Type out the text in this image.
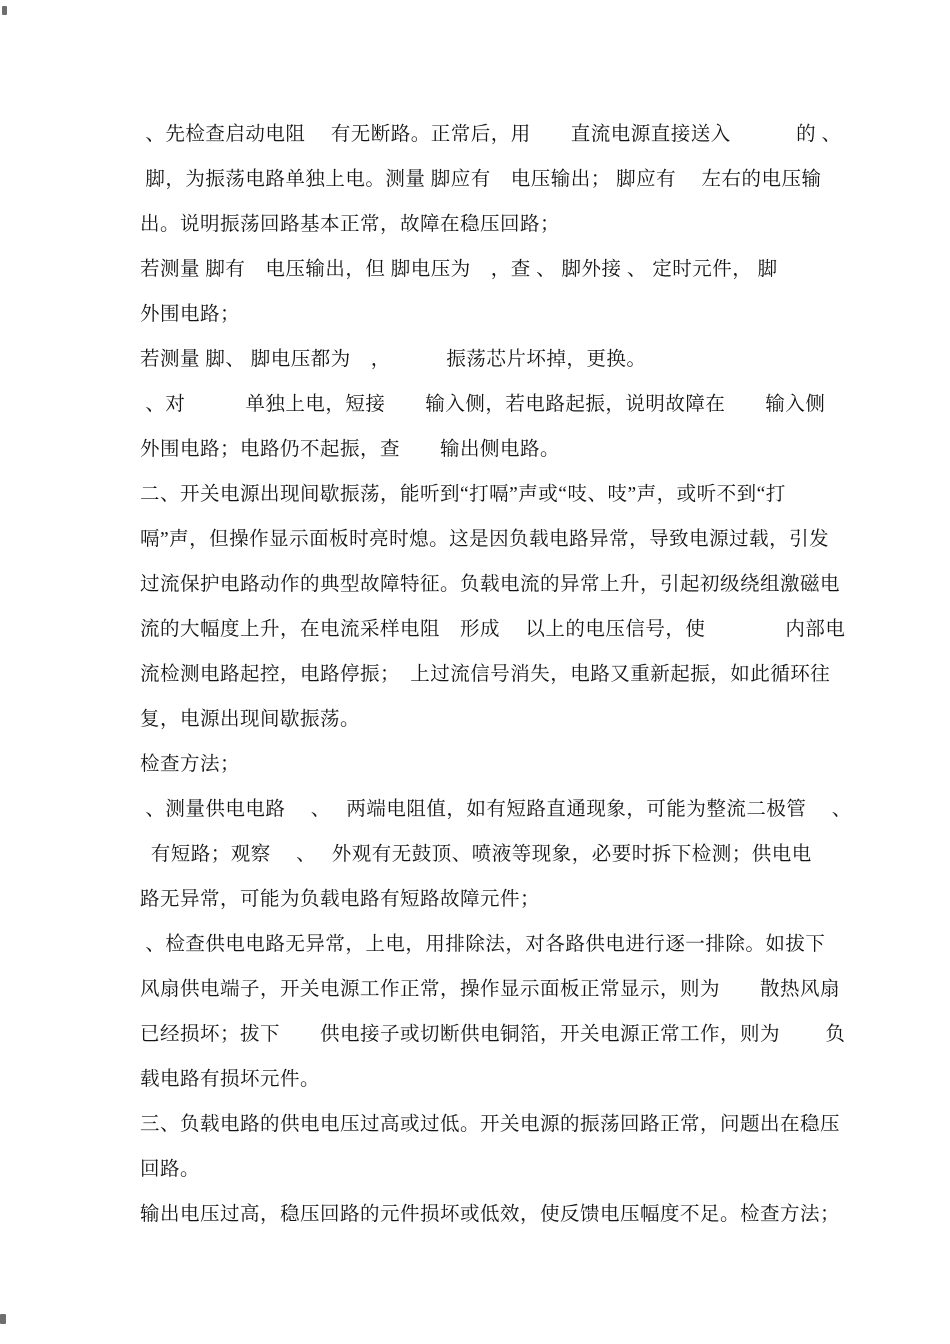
、先检查启动电阻　 有无断路。正常后，用　　直流电源直接送入　　　 的 、
脚，为振荡电路单独上电。测量 脚应有　电压输出； 脚应有　 左右的电压输
出。说明振荡回路基本正常，故障在稳压回路；
若测量 脚有　电压输出，但 脚电压为　，查 、 脚外接 、 定时元件， 脚
外围电路；
若测量 脚、 脚电压都为　，　　　 振荡芯片坏掉，更换。
、对　　　单独上电，短接　　输入侧，若电路起振，说明故障在　　输入侧
外围电路；电路仍不起振，查　　输出侧电路。
二、开关电源出现间歇振荡，能听到“打嗝”声或“吱、吱”声，或听不到“打
嗝”声，但操作显示面板时亮时熄。这是因负载电路异常，导致电源过载，引发
过流保护电路动作的典型故障特征。负载电流的异常上升，引起初级绕组激磁电
流的大幅度上升，在电流采样电阻　形成　 以上的电压信号，使　　　　内部电
流检测电路起控，电路停振；　上过流信号消失，电路又重新起振，如此循环往
复，电源出现间歇振荡。
检查方法；
、测量供电电路　 、　 两端电阻值，如有短路直通现象，可能为整流二极管　 、
有短路；观察　 、　 外观有无鼓顶、喷液等现象，必要时拆下检测；供电电
路无异常，可能为负载电路有短路故障元件；
、检查供电电路无异常，上电，用排除法，对各路供电进行逐一排除。如拔下
风扇供电端子，开关电源工作正常，操作显示面板正常显示，则为　　散热风扇
已经损坏；拔下　　供电接子或切断供电铜箔，开关电源正常工作，则为　　 负
载电路有损坏元件。
三、负载电路的供电电压过高或过低。开关电源的振荡回路正常，问题出在稳压
回路。
输出电压过高，稳压回路的元件损坏或低效，使反馈电压幅度不足。检查方法；
